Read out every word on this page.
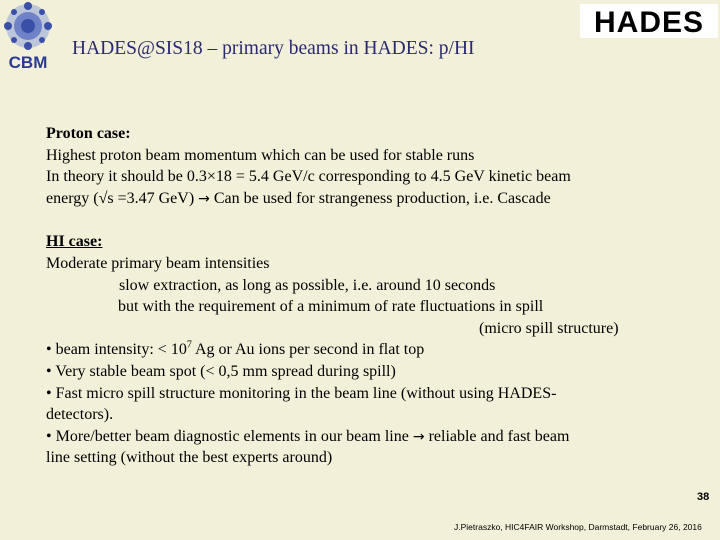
CBM
HADES
HADES@SIS18 – primary beams in HADES: p/HI
Proton case:
Highest proton beam momentum which can be used for stable runs
In theory it should be 0.3×18 = 5.4 GeV/c corresponding to 4.5 GeV kinetic beam
energy (√s =3.47 GeV) → Can be used for strangeness production, i.e. Cascade
HI case:
Moderate primary beam intensities
slow extraction, as long as possible, i.e. around 10 seconds
but with the requirement of a minimum of rate fluctuations in spill
(micro spill structure)
• beam intensity: < $10^7$ Ag or Au ions per second in flat top
• Very stable beam spot (< 0,5 mm spread during spill)
• Fast micro spill structure monitoring in the beam line (without using HADES-
detectors).
• More/better beam diagnostic elements in our beam line → reliable and fast beam
line setting (without the best experts around)
38
J.Pietraszko, HIC4FAIR Workshop, Darmstadt, February 26, 2016
